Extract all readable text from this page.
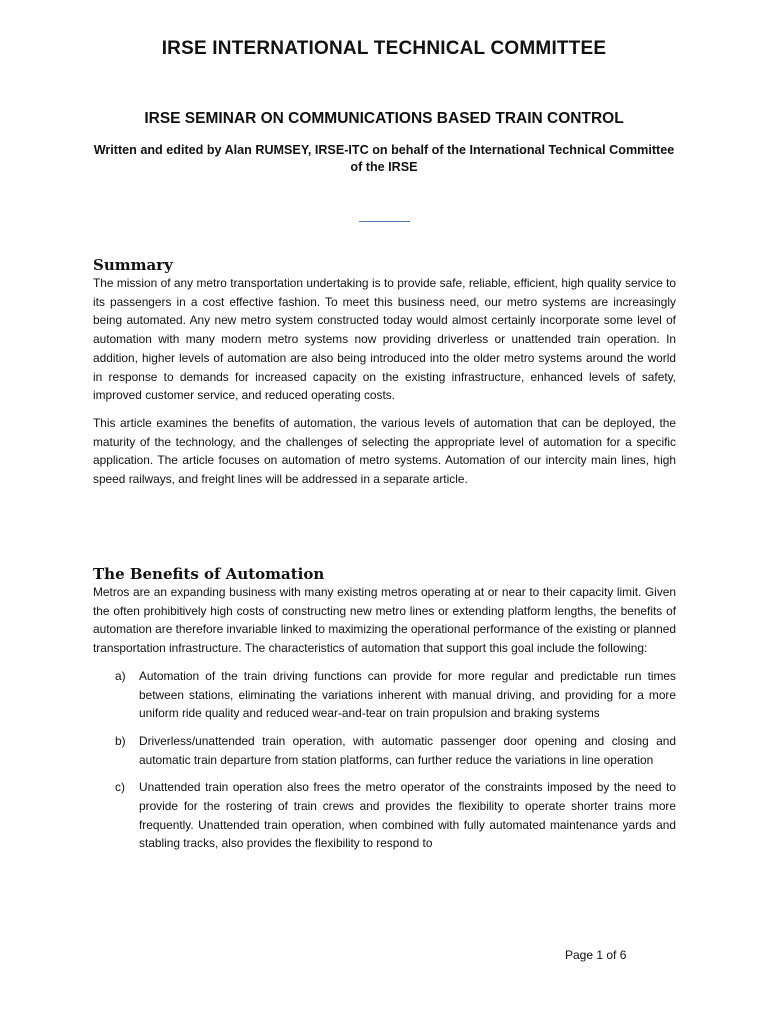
IRSE INTERNATIONAL TECHNICAL COMMITTEE
IRSE SEMINAR ON COMMUNICATIONS BASED TRAIN CONTROL
Written and edited by Alan RUMSEY, IRSE-ITC on behalf of the International Technical Committee of the IRSE
Summary

The mission of any metro transportation undertaking is to provide safe, reliable, efficient, high quality service to its passengers in a cost effective fashion. To meet this business need, our metro systems are increasingly being automated. Any new metro system constructed today would almost certainly incorporate some level of automation with many modern metro systems now providing driverless or unattended train operation. In addition, higher levels of automation are also being introduced into the older metro systems around the world in response to demands for increased capacity on the existing infrastructure, enhanced levels of safety, improved customer service, and reduced operating costs.

This article examines the benefits of automation, the various levels of automation that can be deployed, the maturity of the technology, and the challenges of selecting the appropriate level of automation for a specific application. The article focuses on automation of metro systems. Automation of our intercity main lines, high speed railways, and freight lines will be addressed in a separate article.

The Benefits of Automation

Metros are an expanding business with many existing metros operating at or near to their capacity limit. Given the often prohibitively high costs of constructing new metro lines or extending platform lengths, the benefits of automation are therefore invariable linked to maximizing the operational performance of the existing or planned transportation infrastructure. The characteristics of automation that support this goal include the following:

a) Automation of the train driving functions can provide for more regular and predictable run times between stations, eliminating the variations inherent with manual driving, and providing for a more uniform ride quality and reduced wear-and-tear on train propulsion and braking systems
b) Driverless/unattended train operation, with automatic passenger door opening and closing and automatic train departure from station platforms, can further reduce the variations in line operation
c) Unattended train operation also frees the metro operator of the constraints imposed by the need to provide for the rostering of train crews and provides the flexibility to operate shorter trains more frequently. Unattended train operation, when combined with fully automated maintenance yards and stabling tracks, also provides the flexibility to respond to
Page 1 of 6
